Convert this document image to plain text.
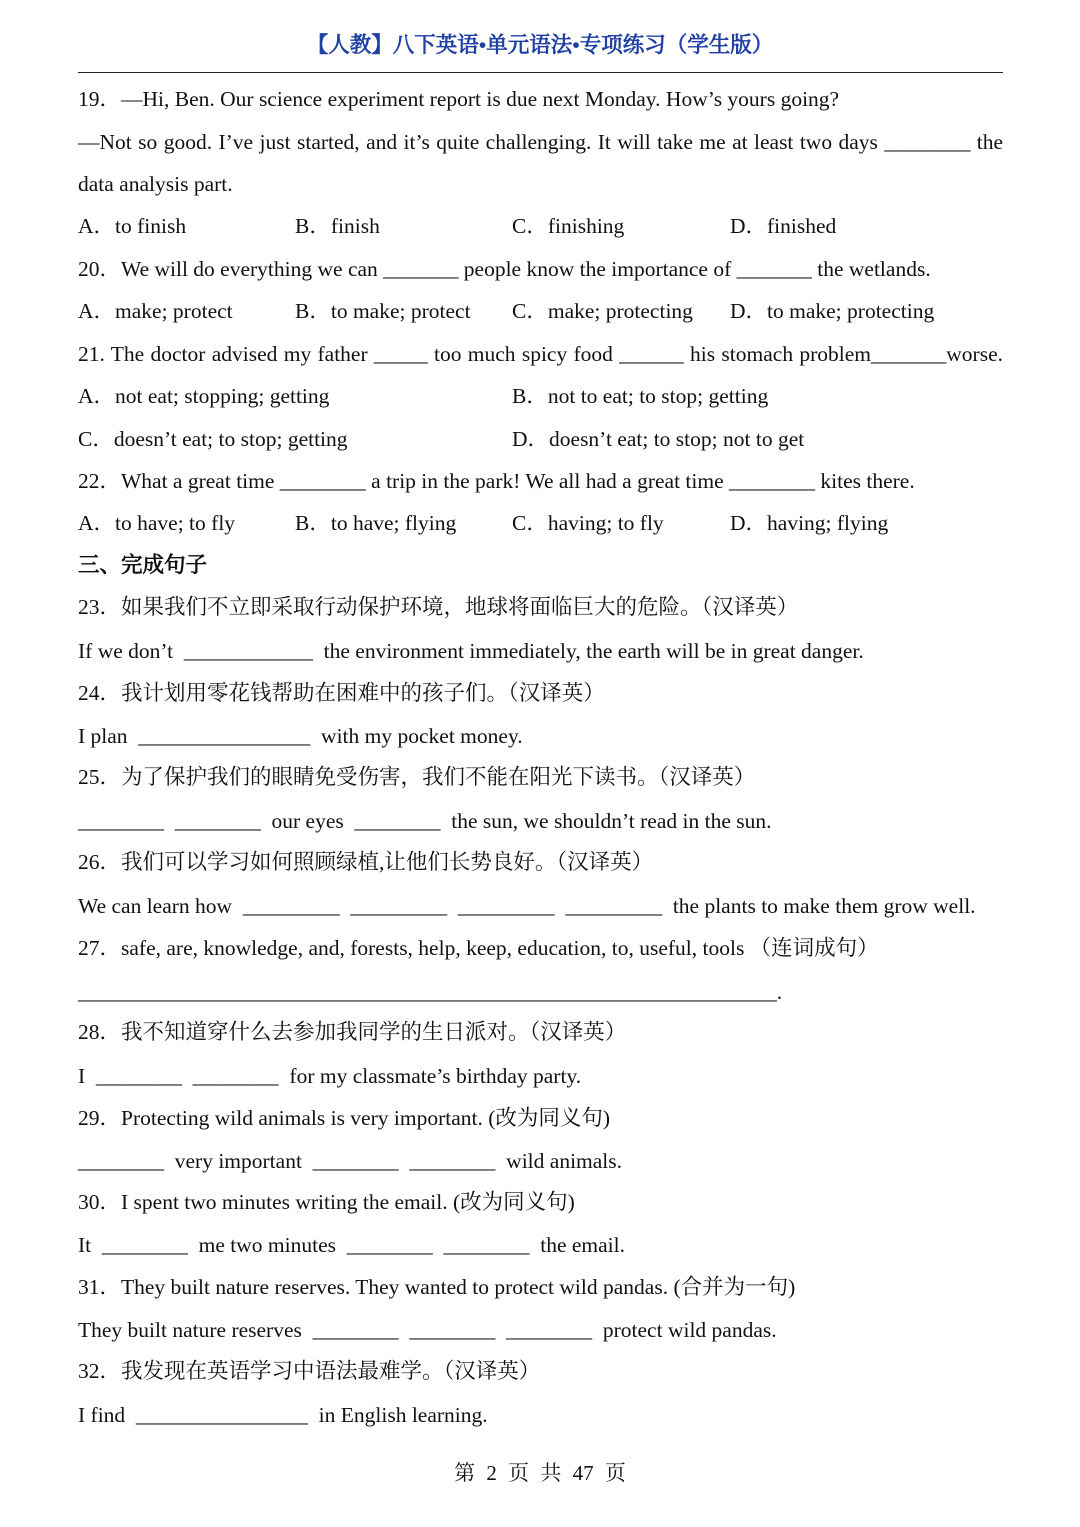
【人教】八下英语•单元语法•专项练习（学生版）
19．—Hi, Ben. Our science experiment report is due next Monday. How’s yours going?
—Not so good. I’ve just started, and it’s quite challenging. It will take me at least two days ________ the
data analysis part.
A．to finish	B．finish	C．finishing	D．finished
20．We will do everything we can _______ people know the importance of _______ the wetlands.
A．make; protect	B．to make; protect C．make; protecting D．to make; protecting
21. The doctor advised my father _____ too much spicy food ______ his stomach problem_______worse.
A．not eat; stopping; getting	B．not to eat; to stop; getting
C．doesn’t eat; to stop; getting	D．doesn’t eat; to stop; not to get
22．What a great time ________ a trip in the park! We all had a great time ________ kites there.
A．to have; to fly	B．to have; flying	C．having; to fly	D．having; flying
三、完成句子
23．如果我们不立即采取行动保护环境，地球将面临巨大的危险。（汉译英）
If we don’t  ____________  the environment immediately, the earth will be in great danger.
24．我计划用零花钱帮助在困难中的孩子们。（汉译英）
I plan  ________________  with my pocket money.
25．为了保护我们的眼睛免受伤害，我们不能在阳光下读书。（汉译英）
________  ________  our eyes  ________  the sun, we shouldn’t read in the sun.
26．我们可以学习如何照顾绿植,让他们长势良好。（汉译英）
We can learn how  _________  _________  _________  _________  the plants to make them grow well.
27．safe, are, knowledge, and, forests, help, keep, education, to, useful, tools （连词成句）
_________________________________________________________________.
28．我不知道穿什么去参加我同学的生日派对。（汉译英）
I  ________  ________  for my classmate’s birthday party.
29．Protecting wild animals is very important. (改为同义句)
________  very important  ________  ________  wild animals.
30．I spent two minutes writing the email. (改为同义句)
It  ________  me two minutes  ________  ________  the email.
31．They built nature reserves. They wanted to protect wild pandas. (合并为一句)
They built nature reserves  ________  ________  ________  protect wild pandas.
32．我发现在英语学习中语法最难学。（汉译英）
I find  ________________  in English learning.
第 2 页 共 47 页
